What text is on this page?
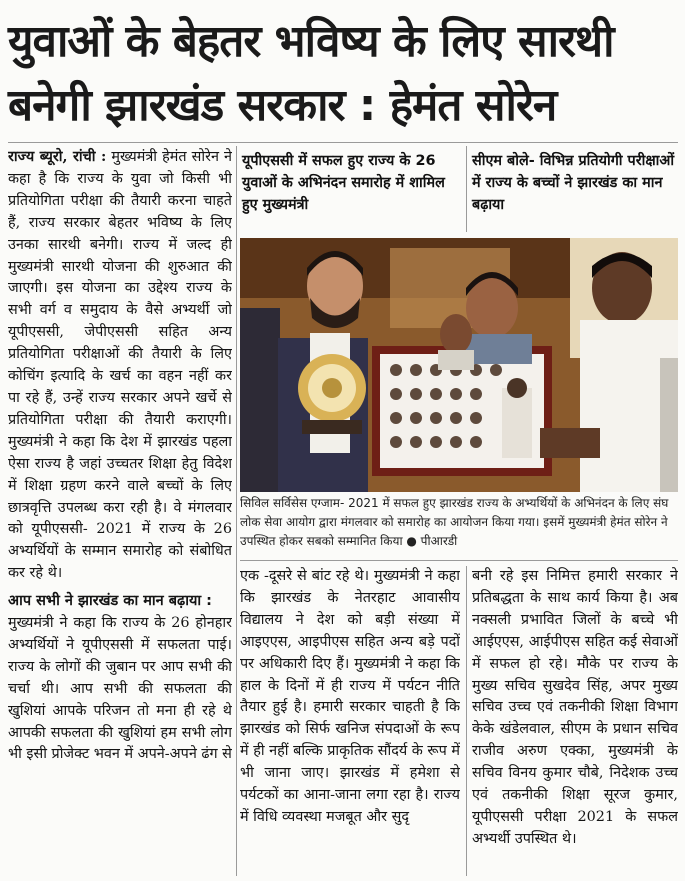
युवाओं के बेहतर भविष्य के लिए सारथी
बनेगी झारखंड सरकार : हेमंत सोरेन

राज्य ब्यूरो, रांची : मुख्यमंत्री हेमंत सोरेन ने कहा है कि राज्य के युवा जो किसी भी प्रतियोगिता परीक्षा की तैयारी करना चाहते हैं, राज्य सरकार बेहतर भविष्य के लिए उनका सारथी बनेगी। राज्य में जल्द ही मुख्यमंत्री सारथी योजना की शुरुआत की जाएगी। इस योजना का उद्देश्य राज्य के सभी वर्ग व समुदाय के वैसे अभ्यर्थी जो यूपीएससी, जेपीएससी सहित अन्य प्रतियोगिता परीक्षाओं की तैयारी के लिए कोचिंग इत्यादि के खर्च का वहन नहीं कर पा रहे हैं, उन्हें राज्य सरकार अपने खर्चे से प्रतियोगिता परीक्षा की तैयारी कराएगी। मुख्यमंत्री ने कहा कि देश में झारखंड पहला ऐसा राज्य है जहां उच्चतर शिक्षा हेतु विदेश में शिक्षा ग्रहण करने वाले बच्चों के लिए छात्रवृत्ति उपलब्ध करा रही है। वे मंगलवार को यूपीएससी- 2021 में राज्य के 26 अभ्यर्थियों के सम्मान समारोह को संबोधित कर रहे थे।

आप सभी ने झारखंड का मान बढ़ाया :

मुख्यमंत्री ने कहा कि राज्य के 26 होनहार अभ्यर्थियों ने यूपीएससी में सफलता पाई। राज्य के लोगों की जुबान पर आप सभी की चर्चा थी। आप सभी की सफलता की खुशियां आपके परिजन तो मना ही रहे थे आपकी सफलता की खुशियां हम सभी लोग भी इसी प्रोजेक्ट भवन में अपने-अपने ढंग से

यूपीएससी में सफल हुए राज्य के 26 युवाओं के अभिनंदन समारोह में शामिल हुए मुख्यमंत्री
सीएम बोले- विभिन्न प्रतियोगी परीक्षाओं में राज्य के बच्चों ने झारखंड का मान बढ़ाया
सिविल सर्विसेस एग्जाम- 2021 में सफल हुए झारखंड राज्य के अभ्यर्थियों के अभिनंदन के लिए संघ लोक सेवा आयोग द्वारा मंगलवार को समारोह का आयोजन किया गया। इसमें मुख्यमंत्री हेमंत सोरेन ने उपस्थित होकर सबको सम्मानित किया ● पीआरडी
एक -दूसरे से बांट रहे थे। मुख्यमंत्री ने कहा कि झारखंड के नेतरहाट आवासीय विद्यालय ने देश को बड़ी संख्या में आइएएस, आइपीएस सहित अन्य बड़े पदों पर अधिकारी दिए हैं। मुख्यमंत्री ने कहा कि हाल के दिनों में ही राज्य में पर्यटन नीति तैयार हुई है। हमारी सरकार चाहती है कि झारखंड को सिर्फ खनिज संपदाओं के रूप में ही नहीं बल्कि प्राकृतिक सौंदर्य के रूप में भी जाना जाए। झारखंड में हमेशा से पर्यटकों का आना-जाना लगा रहा है। राज्य में विधि व्यवस्था मजबूत और सुदृ
बनी रहे इस निमित्त हमारी सरकार ने प्रतिबद्धता के साथ कार्य किया है। अब नक्सली प्रभावित जिलों के बच्चे भी आईएएस, आईपीएस सहित कई सेवाओं में सफल हो रहे। मौके पर राज्य के मुख्य सचिव सुखदेव सिंह, अपर मुख्य सचिव उच्च एवं तकनीकी शिक्षा विभाग केके खंडेलवाल, सीएम के प्रधान सचिव राजीव अरुण एक्का, मुख्यमंत्री के सचिव विनय कुमार चौबे, निदेशक उच्च एवं तकनीकी शिक्षा सूरज कुमार, यूपीएससी परीक्षा 2021 के सफल अभ्यर्थी उपस्थित थे।
